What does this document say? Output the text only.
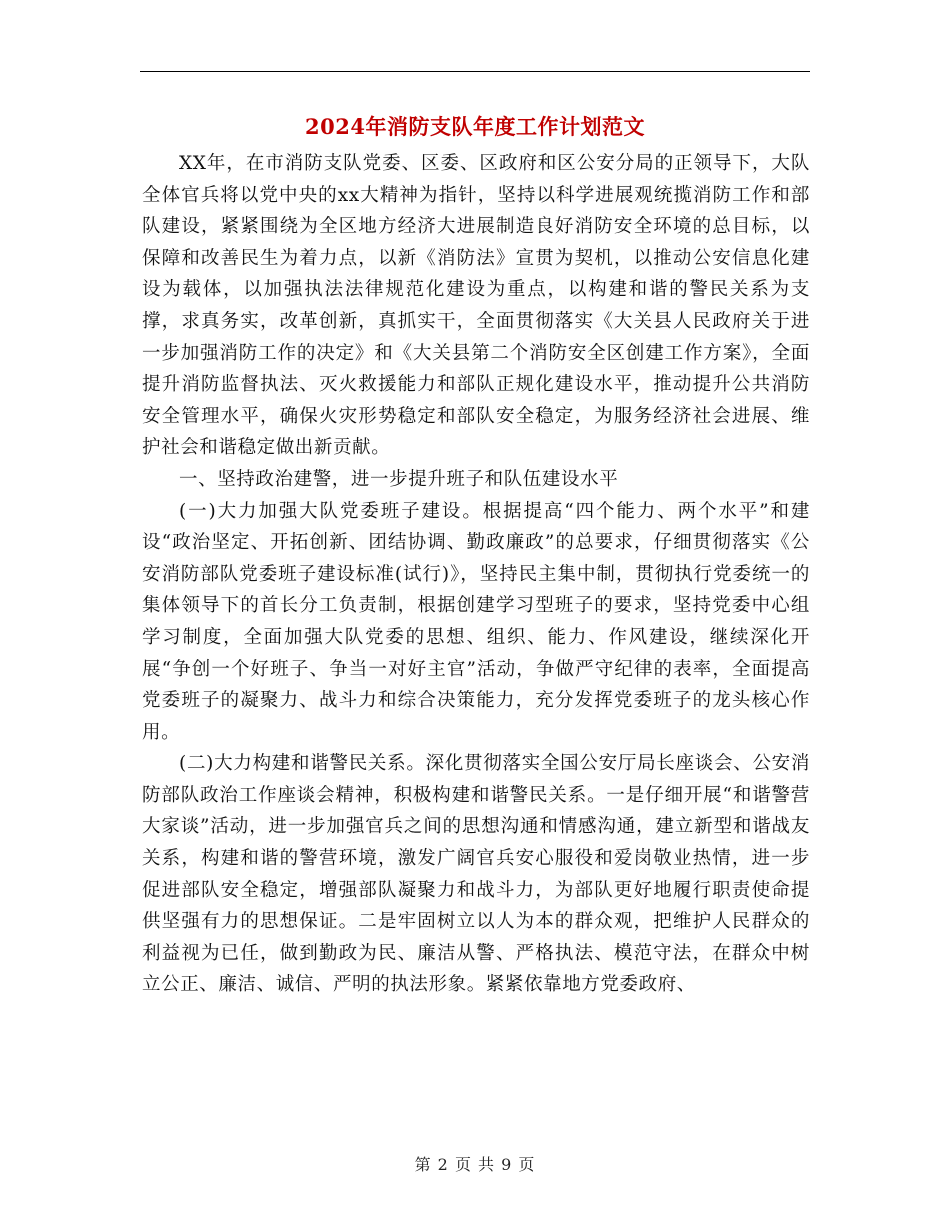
2024年消防支队年度工作计划范文

XX年，在市消防支队党委、区委、区政府和区公安分局的正领导下，大队全体官兵将以党中央的xx大精神为指针，坚持以科学进展观统揽消防工作和部队建设，紧紧围绕为全区地方经济大进展制造良好消防安全环境的总目标，以保障和改善民生为着力点，以新《消防法》宣贯为契机，以推动公安信息化建设为载体，以加强执法法律规范化建设为重点，以构建和谐的警民关系为支撑，求真务实，改革创新，真抓实干，全面贯彻落实《大关县人民政府关于进一步加强消防工作的决定》和《大关县第二个消防安全区创建工作方案》，全面提升消防监督执法、灭火救援能力和部队正规化建设水平，推动提升公共消防安全管理水平，确保火灾形势稳定和部队安全稳定，为服务经济社会进展、维护社会和谐稳定做出新贡献。

一、坚持政治建警，进一步提升班子和队伍建设水平

(一)大力加强大队党委班子建设。根据提高“四个能力、两个水平”和建设“政治坚定、开拓创新、团结协调、勤政廉政”的总要求，仔细贯彻落实《公安消防部队党委班子建设标准(试行)》，坚持民主集中制，贯彻执行党委统一的集体领导下的首长分工负责制，根据创建学习型班子的要求，坚持党委中心组学习制度，全面加强大队党委的思想、组织、能力、作风建设，继续深化开展“争创一个好班子、争当一对好主官”活动，争做严守纪律的表率，全面提高党委班子的凝聚力、战斗力和综合决策能力，充分发挥党委班子的龙头核心作用。

(二)大力构建和谐警民关系。深化贯彻落实全国公安厅局长座谈会、公安消防部队政治工作座谈会精神，积极构建和谐警民关系。一是仔细开展“和谐警营大家谈”活动，进一步加强官兵之间的思想沟通和情感沟通，建立新型和谐战友关系，构建和谐的警营环境，激发广阔官兵安心服役和爱岗敬业热情，进一步促进部队安全稳定，增强部队凝聚力和战斗力，为部队更好地履行职责使命提供坚强有力的思想保证。二是牢固树立以人为本的群众观，把维护人民群众的利益视为已任，做到勤政为民、廉洁从警、严格执法、模范守法，在群众中树立公正、廉洁、诚信、严明的执法形象。紧紧依靠地方党委政府、

第 2 页 共 9 页
